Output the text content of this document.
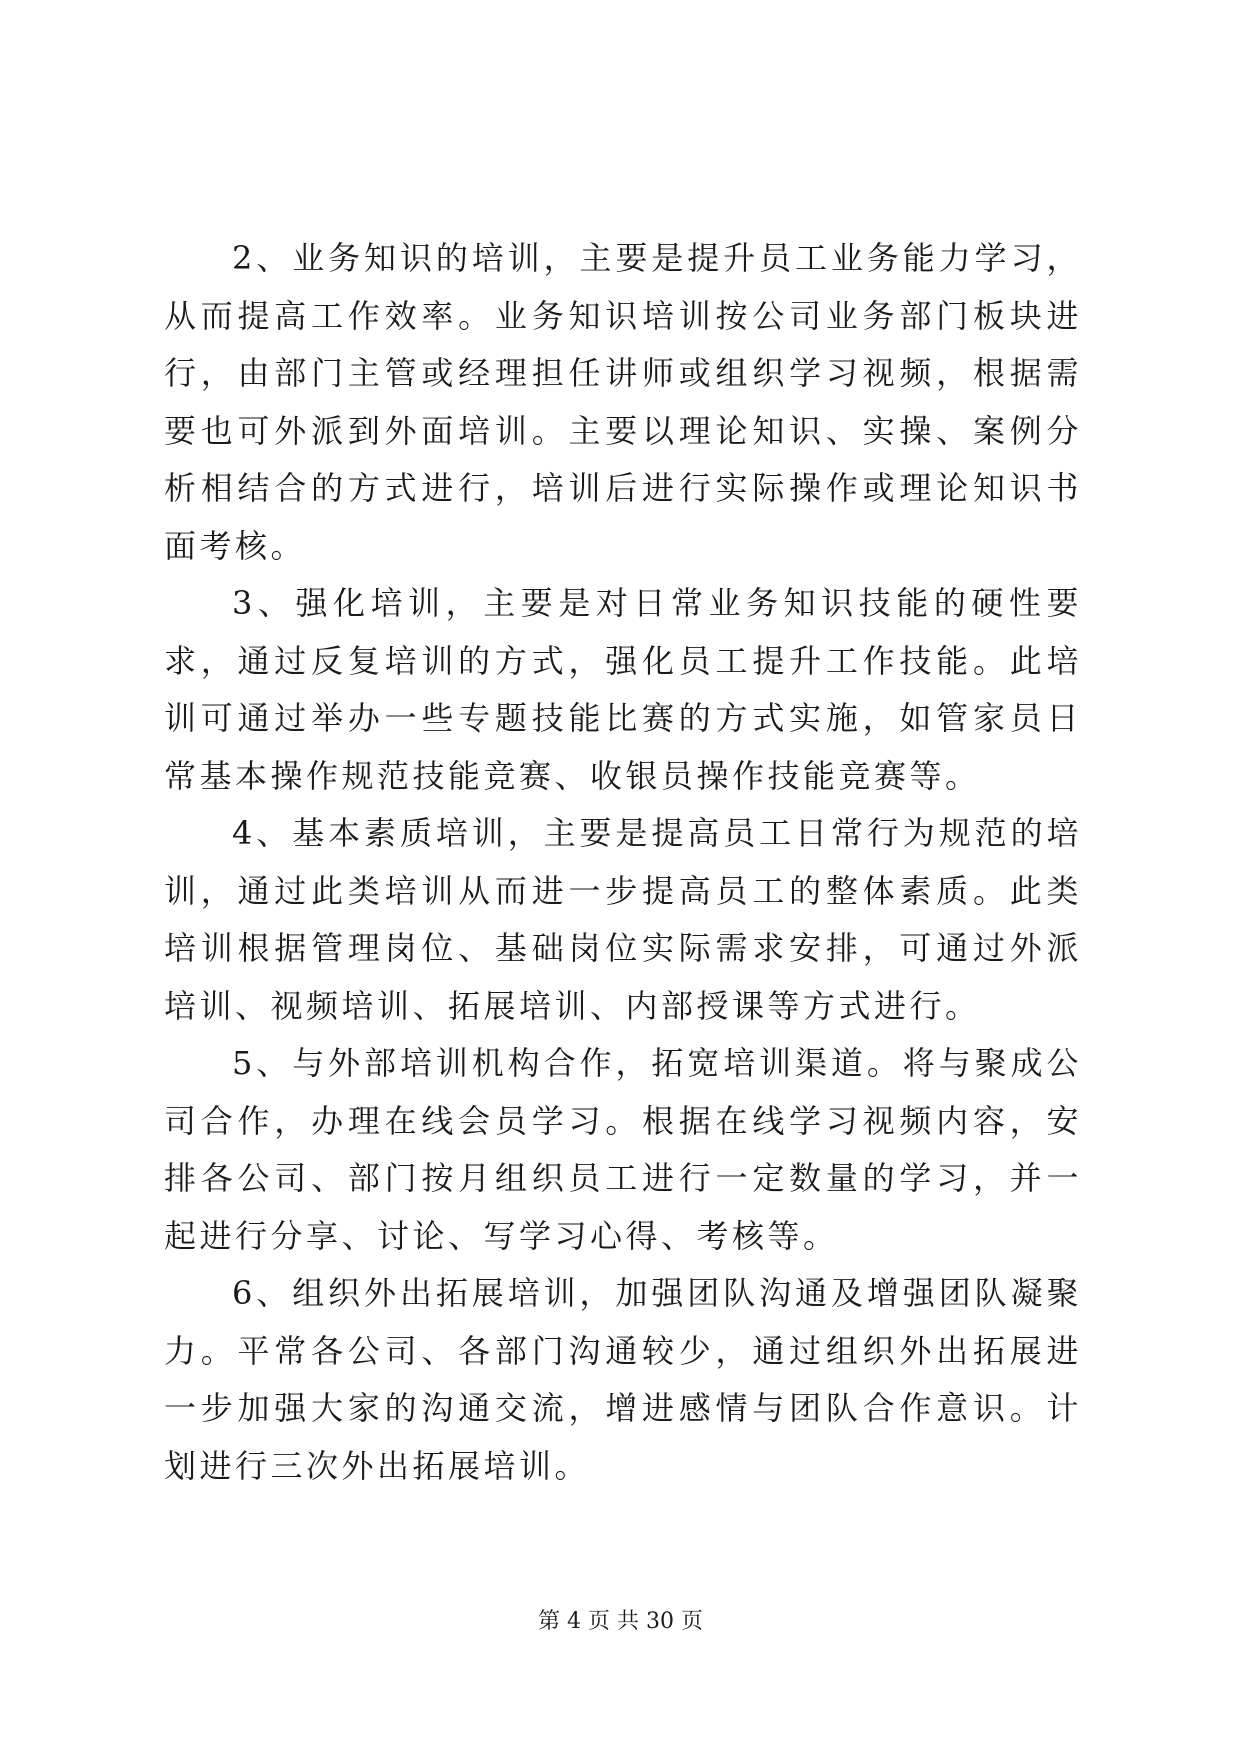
2、业务知识的培训，主要是提升员工业务能力学习，从而提高工作效率。业务知识培训按公司业务部门板块进行，由部门主管或经理担任讲师或组织学习视频，根据需要也可外派到外面培训。主要以理论知识、实操、案例分析相结合的方式进行，培训后进行实际操作或理论知识书面考核。

3、强化培训，主要是对日常业务知识技能的硬性要求，通过反复培训的方式，强化员工提升工作技能。此培训可通过举办一些专题技能比赛的方式实施，如管家员日常基本操作规范技能竞赛、收银员操作技能竞赛等。

4、基本素质培训，主要是提高员工日常行为规范的培训，通过此类培训从而进一步提高员工的整体素质。此类培训根据管理岗位、基础岗位实际需求安排，可通过外派培训、视频培训、拓展培训、内部授课等方式进行。

5、与外部培训机构合作，拓宽培训渠道。将与聚成公司合作，办理在线会员学习。根据在线学习视频内容，安排各公司、部门按月组织员工进行一定数量的学习，并一起进行分享、讨论、写学习心得、考核等。

6、组织外出拓展培训，加强团队沟通及增强团队凝聚力。平常各公司、各部门沟通较少，通过组织外出拓展进一步加强大家的沟通交流，增进感情与团队合作意识。计划进行三次外出拓展培训。

第 4 页 共 30 页
